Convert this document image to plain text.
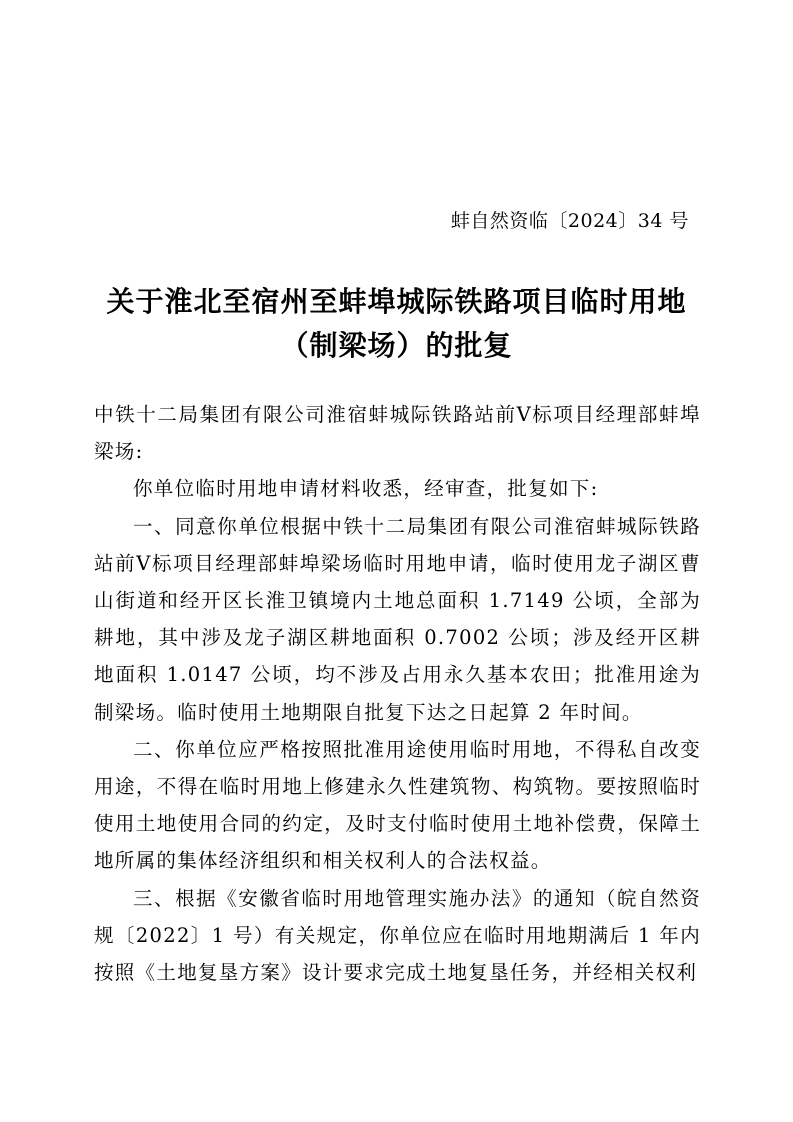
蚌自然资临〔2024〕34 号
关于淮北至宿州至蚌埠城际铁路项目临时用地
（制梁场）的批复

中铁十二局集团有限公司淮宿蚌城际铁路站前Ⅴ标项目经理部蚌埠梁场:

你单位临时用地申请材料收悉，经审查，批复如下:

一、同意你单位根据中铁十二局集团有限公司淮宿蚌城际铁路站前Ⅴ标项目经理部蚌埠梁场临时用地申请，临时使用龙子湖区曹山街道和经开区长淮卫镇境内土地总面积 1.7149 公顷，全部为耕地，其中涉及龙子湖区耕地面积 0.7002 公顷；涉及经开区耕地面积 1.0147 公顷，均不涉及占用永久基本农田；批准用途为制梁场。临时使用土地期限自批复下达之日起算 2 年时间。

二、你单位应严格按照批准用途使用临时用地，不得私自改变用途，不得在临时用地上修建永久性建筑物、构筑物。要按照临时使用土地使用合同的约定，及时支付临时使用土地补偿费，保障土地所属的集体经济组织和相关权利人的合法权益。

三、根据《安徽省临时用地管理实施办法》的通知（皖自然资规〔2022〕1 号）有关规定，你单位应在临时用地期满后 1 年内按照《土地复垦方案》设计要求完成土地复垦任务，并经相关权利
